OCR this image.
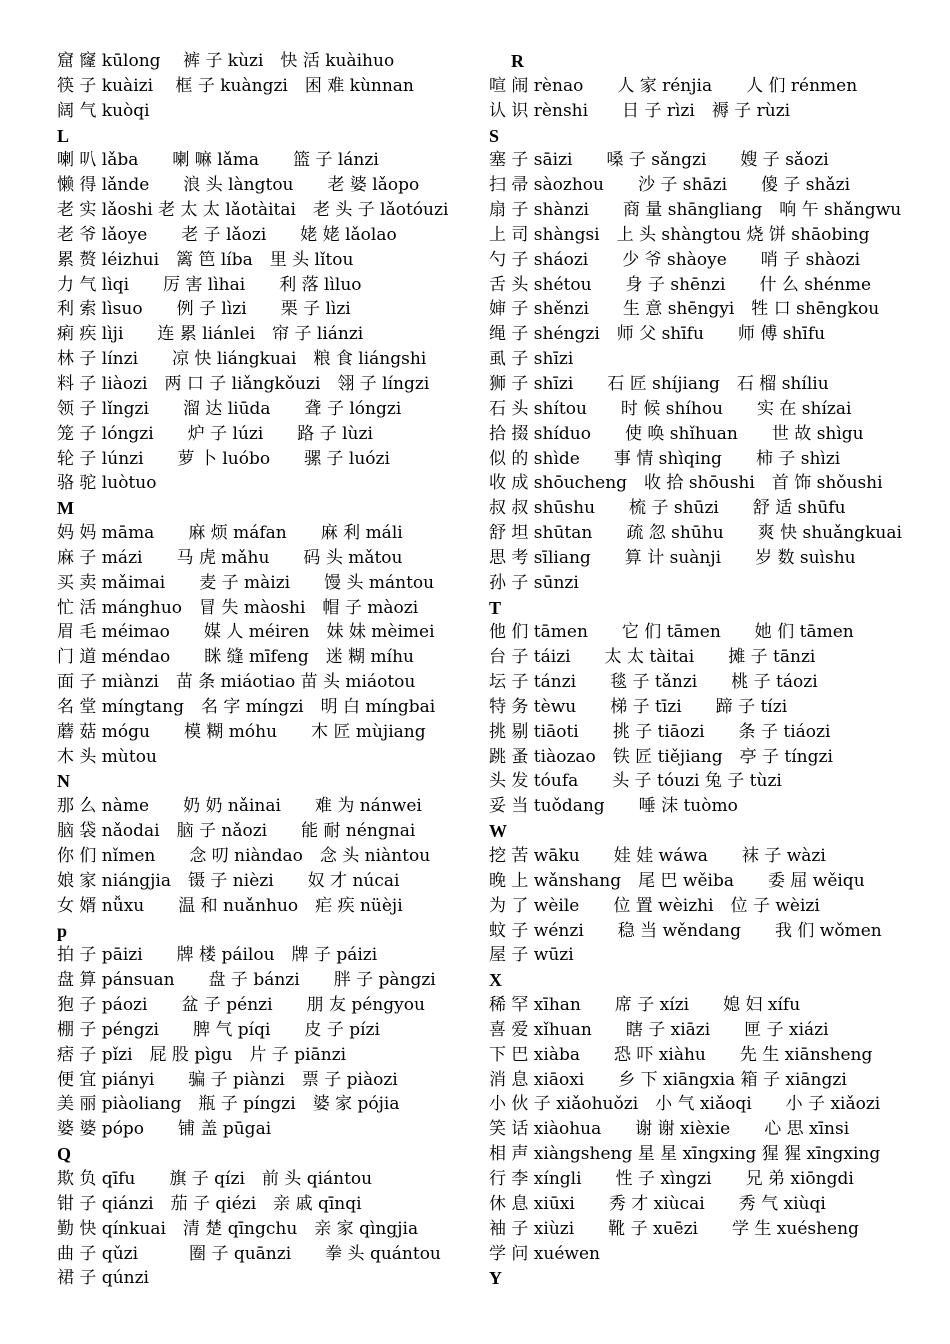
窟 窿 kūlong　 裤 子 kùzi　快 活 kuàihuo
筷 子 kuàizi　 框 子 kuàngzi　困 难 kùnnan
阔 气 kuòqi
L
喇 叭 lǎba　　喇 嘛 lǎma　　篮 子 lánzi
懒 得 lǎnde　　浪 头 làngtou　　老 婆 lǎopo
老 实 lǎoshi 老 太 太 lǎotàitai　老 头 子 lǎotóuzi
老 爷 lǎoye　　老 子 lǎozi　　姥 姥 lǎolao
累 赘 léizhui　篱 笆 líba　里 头 lǐtou
力 气 lìqi　　厉 害 lìhai　　利 落 lìluo
利 索 lìsuo　　例 子 lìzi　　栗 子 lìzi
痢 疾 lìji　　连 累 liánlei　帘 子 liánzi
林 子 línzi　　凉 快 liángkuai　粮 食 liángshi
料 子 liàozi　两 口 子 liǎngkǒuzi　翎 子 língzi
领 子 lǐngzi　　溜 达 liūda　　聋 子 lóngzi
笼 子 lóngzi　　炉 子 lúzi　　路 子 lùzi
轮 子 lúnzi　　萝 卜 luóbo　　骡 子 luózi
骆 驼 luòtuo
M
妈 妈 māma　　麻 烦 máfan　　麻 利 máli
麻 子 mázi　　马 虎 mǎhu　　码 头 mǎtou
买 卖 mǎimai　　麦 子 màizi　　馒 头 mántou
忙 活 mánghuo　冒 失 màoshi　帽 子 màozi
眉 毛 méimao　　媒 人 méiren　妹 妹 mèimei
门 道 méndao　　眯 缝 mīfeng　迷 糊 míhu
面 子 miànzi　苗 条 miáotiao 苗 头 miáotou
名 堂 míngtang　名 字 míngzi　明 白 míngbai
蘑 菇 mógu　　模 糊 móhu　　木 匠 mùjiang
木 头 mùtou
N
那 么 nàme　　奶 奶 nǎinai　　难 为 nánwei
脑 袋 nǎodai　脑 子 nǎozi　　能 耐 néngnai
你 们 nǐmen　　念 叨 niàndao　念 头 niàntou
娘 家 niángjia　镊 子 nièzi　　奴 才 núcai
女 婿 nǚxu　　温 和 nuǎnhuo　疟 疾 nüèji
p
拍 子 pāizi　　牌 楼 páilou　牌 子 páizi
盘 算 pánsuan　　盘 子 bánzi　　胖 子 pàngzi
狍 子 páozi　　盆 子 pénzi　　朋 友 péngyou
棚 子 péngzi　　脾 气 píqi　　皮 子 pízi
痞 子 pǐzi　屁 股 pìgu　片 子 piānzi
便 宜 piányi　　骗 子 piànzi　票 子 piàozi
美 丽 piàoliang　瓶 子 píngzi　婆 家 pójia
婆 婆 pópo　　铺 盖 pūgai
Q
欺 负 qīfu　　旗 子 qízi　前 头 qiántou
钳 子 qiánzi　茄 子 qiézi　亲 戚 qīnqi
勤 快 qínkuai　清 楚 qīngchu　亲 家 qìngjia
曲 子 qǔzi　　　圈 子 quānzi　　拳 头 quántou
裙 子 qúnzi
R
喧 闹 rènao　　人 家 rénjia　　人 们 rénmen
认 识 rènshi　　日 子 rìzi　褥 子 rùzi
S
塞 子 sāizi　　嗓 子 sǎngzi　　嫂 子 sǎozi
扫 帚 sàozhou　　沙 子 shāzi　　傻 子 shǎzi
扇 子 shànzi　　商 量 shāngliang　响 午 shǎngwu
上 司 shàngsi　上 头 shàngtou 烧 饼 shāobing
勺 子 sháozi　　少 爷 shàoye　　哨 子 shàozi
舌 头 shétou　　身 子 shēnzi　　什 么 shénme
婶 子 shěnzi　　生 意 shēngyi　牲 口 shēngkou
绳 子 shéngzi　师 父 shīfu　　师 傅 shīfu
虱 子 shīzi
狮 子 shīzi　　石 匠 shíjiang　石 榴 shíliu
石 头 shítou　　时 候 shíhou　　实 在 shízai
拾 掇 shíduo　　使 唤 shǐhuan　　世 故 shìgu
似 的 shìde　　事 情 shìqing　　柿 子 shìzi
收 成 shōucheng　收 拾 shōushi　首 饰 shǒushi
叔 叔 shūshu　　梳 子 shūzi　　舒 适 shūfu
舒 坦 shūtan　　疏 忽 shūhu　　爽 快 shuǎngkuai
思 考 sīliang　　算 计 suànji　　岁 数 suìshu
孙 子 sūnzi
T
他 们 tāmen　　它 们 tāmen　　她 们 tāmen
台 子 táizi　　太 太 tàitai　　摊 子 tānzi
坛 子 tánzi　　毯 子 tǎnzi　　桃 子 táozi
特 务 tèwu　　梯 子 tīzi　　蹄 子 tízi
挑 剔 tiāoti　　挑 子 tiāozi　　条 子 tiáozi
跳 蚤 tiàozao　铁 匠 tiějiang　亭 子 tíngzi
头 发 tóufa　　头 子 tóuzi 兔 子 tùzi
妥 当 tuǒdang　　唾 沫 tuòmo
W
挖 苦 wāku　　娃 娃 wáwa　　袜 子 wàzi
晚 上 wǎnshang　尾 巴 wěiba　　委 屈 wěiqu
为 了 wèile　　位 置 wèizhi　位 子 wèizi
蚊 子 wénzi　　稳 当 wěndang　　我 们 wǒmen
屋 子 wūzi
X
稀 罕 xīhan　　席 子 xízi　　媳 妇 xífu
喜 爱 xǐhuan　　瞎 子 xiāzi　　匣 子 xiázi
下 巴 xiàba　　恐 吓 xiàhu　　先 生 xiānsheng
消 息 xiāoxi　　乡 下 xiāngxia 箱 子 xiāngzi
小 伙 子 xiǎohuǒzi　小 气 xiǎoqi　　小 子 xiǎozi
笑 话 xiàohua　　谢 谢 xièxie　　心 思 xīnsi
相 声 xiàngsheng 星 星 xīngxing 猩 猩 xīngxing
行 李 xíngli　　性 子 xìngzi　　兄 弟 xiōngdi
休 息 xiūxi　　秀 才 xiùcai　　秀 气 xiùqi
袖 子 xiùzi　　靴 子 xuēzi　　学 生 xuésheng
学 问 xuéwen
Y
